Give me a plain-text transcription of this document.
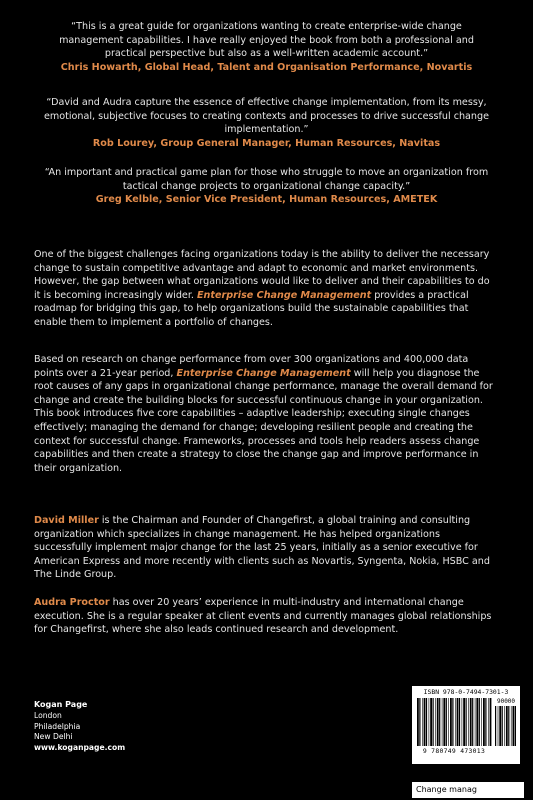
“This is a great guide for organizations wanting to create enterprise-wide change management capabilities. I have really enjoyed the book from both a professional and practical perspective but also as a well-written academic account.”
Chris Howarth, Global Head, Talent and Organisation Performance, Novartis
“David and Audra capture the essence of effective change implementation, from its messy, emotional, subjective focuses to creating contexts and processes to drive successful change implementation.”
Rob Lourey, Group General Manager, Human Resources, Navitas
“An important and practical game plan for those who struggle to move an organization from tactical change projects to organizational change capacity.”
Greg Kelble, Senior Vice President, Human Resources, AMETEK

One of the biggest challenges facing organizations today is the ability to deliver the necessary change to sustain competitive advantage and adapt to economic and market environments. However, the gap between what organizations would like to deliver and their capabilities to do it is becoming increasingly wider. Enterprise Change Management provides a practical roadmap for bridging this gap, to help organizations build the sustainable capabilities that enable them to implement a portfolio of changes.

Based on research on change performance from over 300 organizations and 400,000 data points over a 21-year period, Enterprise Change Management will help you diagnose the root causes of any gaps in organizational change performance, manage the overall demand for change and create the building blocks for successful continuous change in your organization. This book introduces five core capabilities – adaptive leadership; executing single changes effectively; managing the demand for change; developing resilient people and creating the context for successful change. Frameworks, processes and tools help readers assess change capabilities and then create a strategy to close the change gap and improve performance in their organization.

David Miller is the Chairman and Founder of Changefirst, a global training and consulting organization which specializes in change management. He has helped organizations successfully implement major change for the last 25 years, initially as a senior executive for American Express and more recently with clients such as Novartis, Syngenta, Nokia, HSBC and The Linde Group.

Audra Proctor has over 20 years’ experience in multi-industry and international change execution. She is a regular speaker at client events and currently manages global relationships for Changefirst, where she also leads continued research and development.

Kogan Page
London
Philadelphia
New Delhi
www.koganpage.com
ISBN 978-0-7494-7301-3
90000
9 780749 473013
Change manag
